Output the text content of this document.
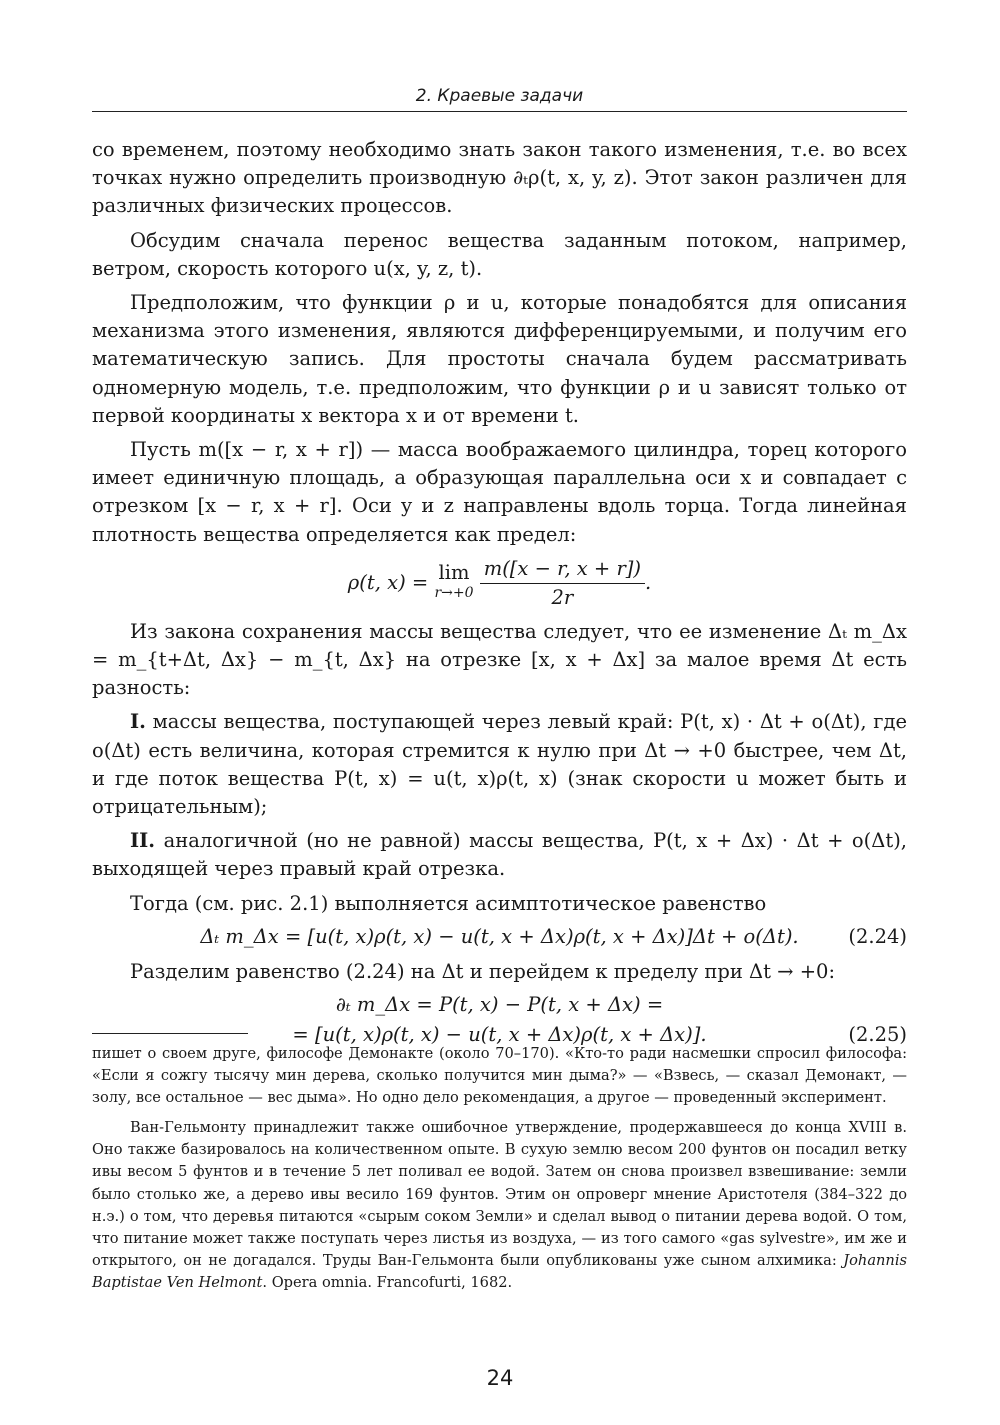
2. Краевые задачи

со временем, поэтому необходимо знать закон такого изменения, т.е. во всех точках нужно определить производную ∂ₜρ(t, x, y, z). Этот закон различен для различных физических процессов.

Обсудим сначала перенос вещества заданным потоком, например, ветром, скорость которого u(x, y, z, t).

Предположим, что функции ρ и u, которые понадобятся для описания механизма этого изменения, являются дифференцируемыми, и получим его математическую запись. Для простоты сначала будем рассматривать одномерную модель, т.е. предположим, что функции ρ и u зависят только от первой координаты x вектора x и от времени t.

Пусть m([x − r, x + r]) — масса воображаемого цилиндра, торец которого имеет единичную площадь, а образующая параллельна оси x и совпадает с отрезком [x − r, x + r]. Оси y и z направлены вдоль торца. Тогда линейная плотность вещества определяется как предел:

ρ(t, x) = lim
r→+0
$\frac{m([x - r, x + r])}{2r}$ .

Из закона сохранения массы вещества следует, что ее изменение Δₜ m_Δx = m_{t+Δt, Δx} − m_{t, Δx} на отрезке [x, x + Δx] за малое время Δt есть разность:

I. массы вещества, поступающей через левый край: P(t, x) · Δt + o(Δt), где o(Δt) есть величина, которая стремится к нулю при Δt → +0 быстрее, чем Δt, и где поток вещества P(t, x) = u(t, x)ρ(t, x) (знак скорости u может быть и отрицательным);

II. аналогичной (но не равной) массы вещества, P(t, x + Δx) · Δt + o(Δt), выходящей через правый край отрезка.

Тогда (см. рис. 2.1) выполняется асимптотическое равенство

Δₜ m_Δx = [u(t, x)ρ(t, x) − u(t, x + Δx)ρ(t, x + Δx)]Δt + o(Δt).	(2.24)

Разделим равенство (2.24) на Δt и перейдем к пределу при Δt → +0:

∂ₜ m_Δx = P(t, x) − P(t, x + Δx) =
= [u(t, x)ρ(t, x) − u(t, x + Δx)ρ(t, x + Δx)].	(2.25)

пишет о своем друге, философе Демонакте (около 70–170). «Кто-то ради насмешки спросил философа: «Если я сожгу тысячу мин дерева, сколько получится мин дыма?» — «Взвесь, — сказал Демонакт, — золу, все остальное — вес дыма». Но одно дело рекомендация, а другое — проведенный эксперимент.

Ван-Гельмонту принадлежит также ошибочное утверждение, продержавшееся до конца XVIII в. Оно также базировалось на количественном опыте. В сухую землю весом 200 фунтов он посадил ветку ивы весом 5 фунтов и в течение 5 лет поливал ее водой. Затем он снова произвел взвешивание: земли было столько же, а дерево ивы весило 169 фунтов. Этим он опроверг мнение Аристотеля (384–322 до н.э.) о том, что деревья питаются «сырым соком Земли» и сделал вывод о питании дерева водой. О том, что питание может также поступать через листья из воздуха, — из того самого «gas sylvestre», им же и открытого, он не догадался. Труды Ван-Гельмонта были опубликованы уже сыном алхимика: Johannis Baptistae Ven Helmont. Opera omnia. Francofurti, 1682.

24
